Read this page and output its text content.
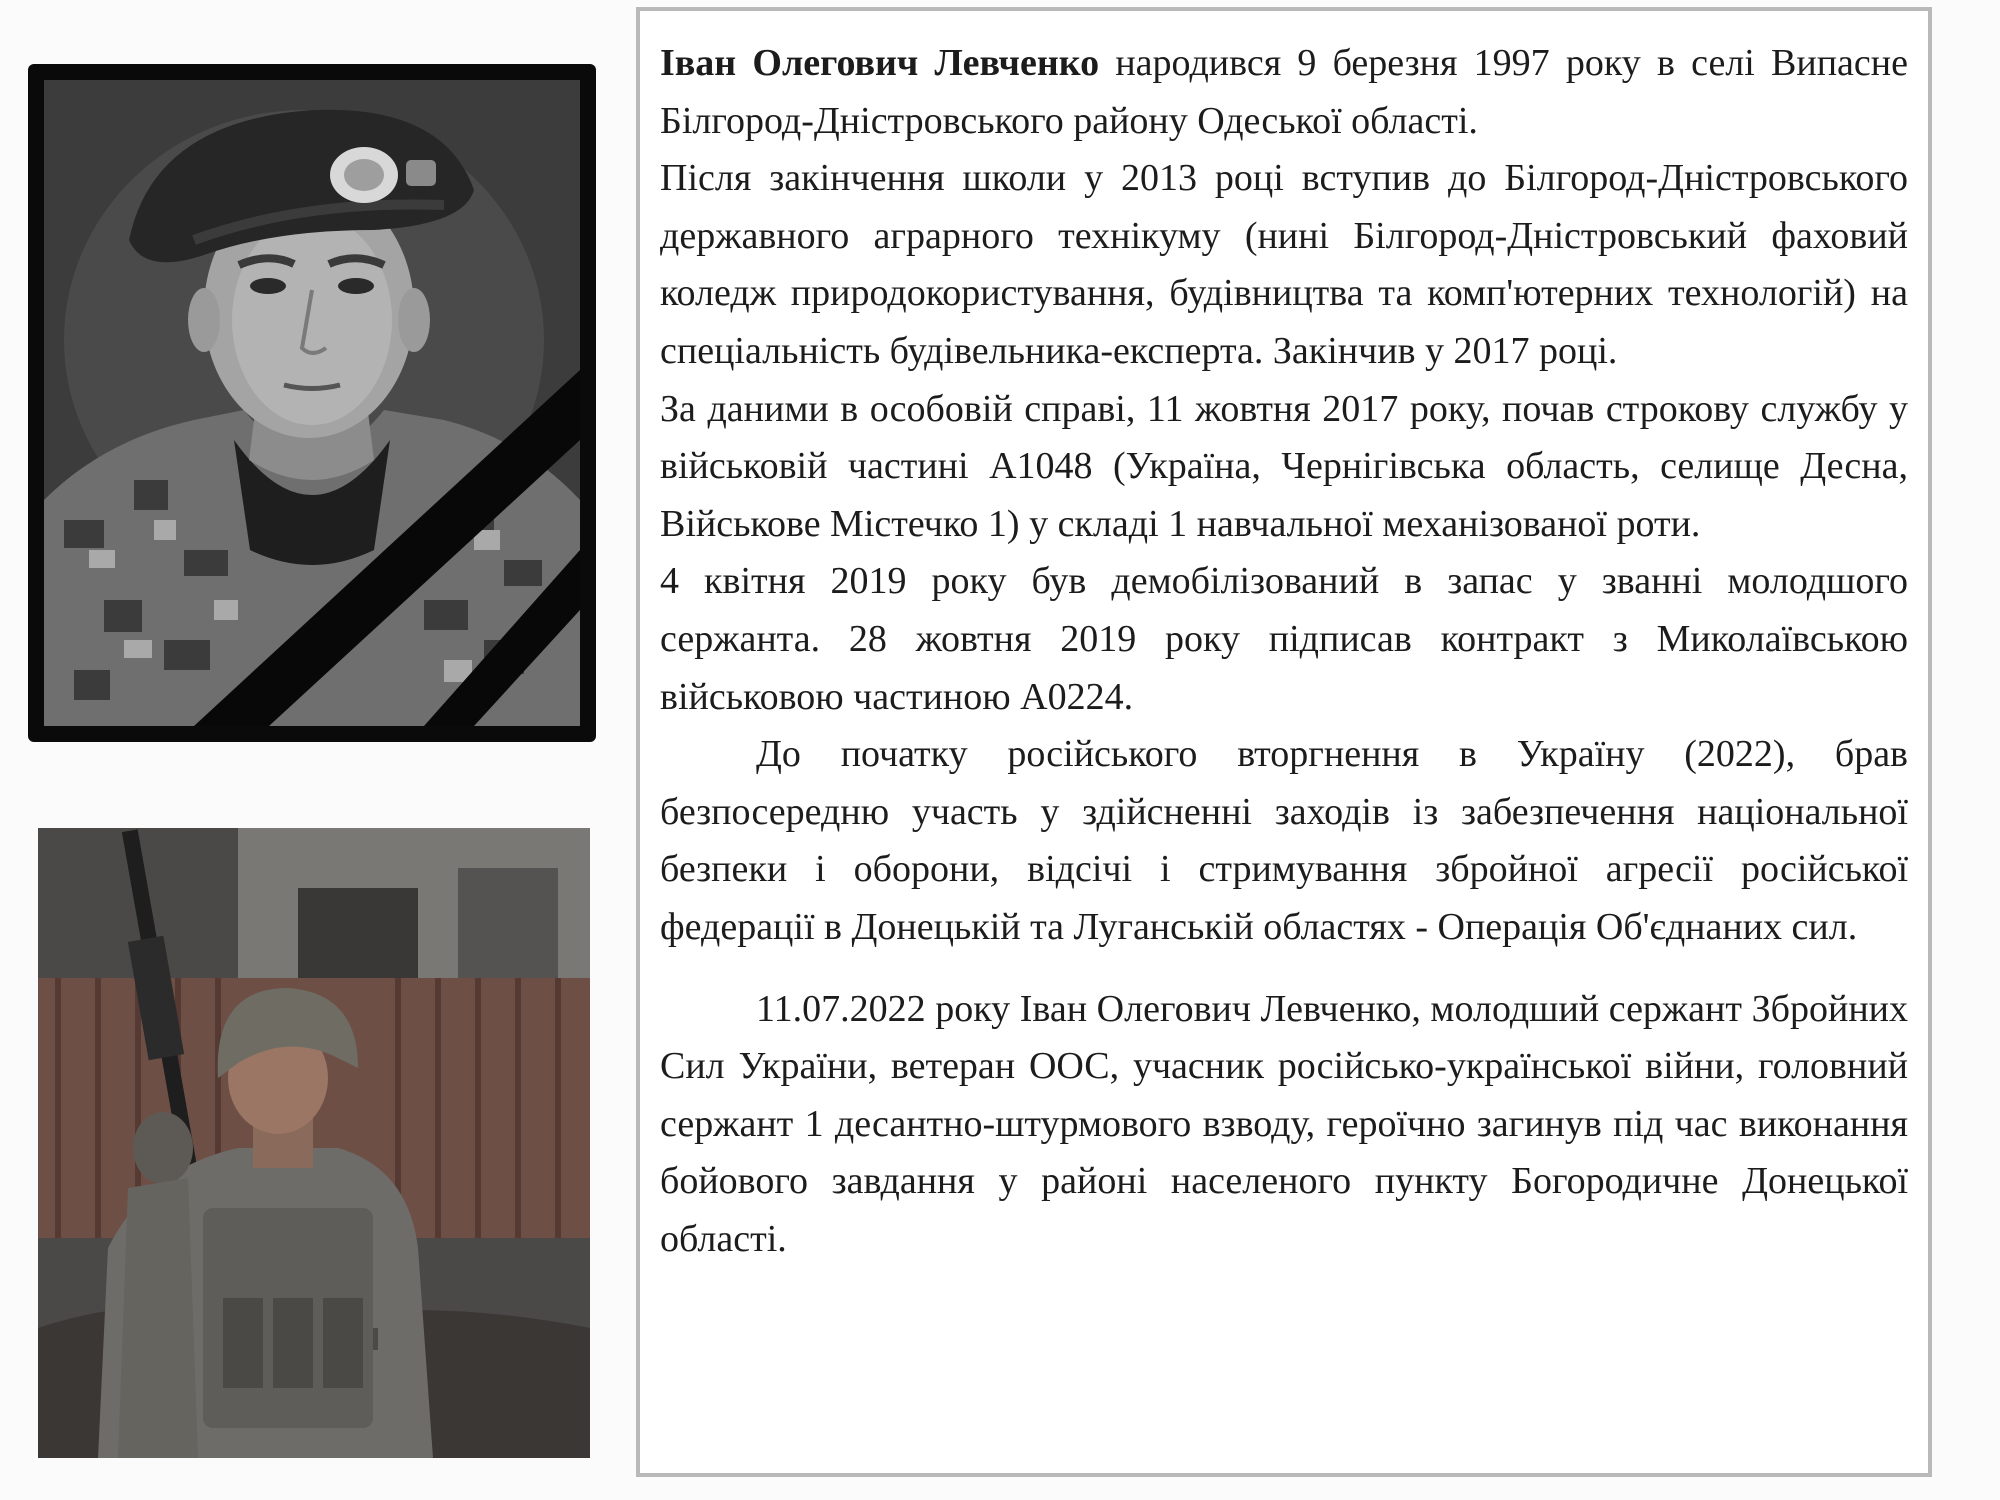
Іван Олегович Левченко народився 9 березня 1997 року в селі Випасне Білгород-Дністровського району Одеської області.

Після закінчення школи у 2013 році вступив до Білгород-Дністровського державного аграрного технікуму (нині Білгород-Дністровський фаховий коледж природокористування, будівництва та комп'ютерних технологій) на спеціальність будівельника-експерта. Закінчив у 2017 році.

За даними в особовій справі, 11 жовтня 2017 року, почав строкову службу у військовій частині А1048 (Україна, Чернігівська область, селище Десна, Військове Містечко 1) у складі 1 навчальної механізованої роти.

4 квітня 2019 року був демобілізований в запас у званні молодшого сержанта. 28 жовтня 2019 року підписав контракт з Миколаївською військовою частиною А0224.

До початку російського вторгнення в Україну (2022), брав безпосередню участь у здійсненні заходів із забезпечення національної безпеки і оборони, відсічі і стримування збройної агресії російської федерації в Донецькій та Луганській областях - Операція Об'єднаних сил.

11.07.2022 року Іван Олегович Левченко, молодший сержант Збройних Сил України, ветеран ООС, учасник російсько-української війни, головний сержант 1 десантно-штурмового взводу, героїчно загинув під час виконання бойового завдання у районі населеного пункту Богородичне Донецької області.
